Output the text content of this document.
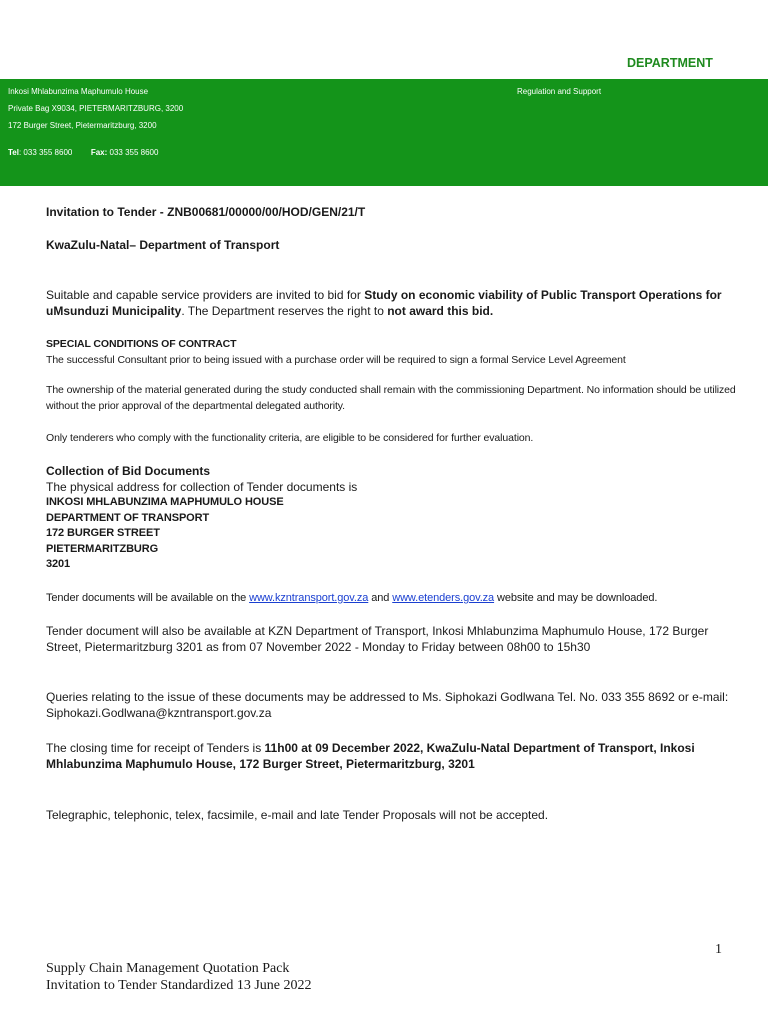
DEPARTMENT
Inkosi Mhlabunzima Maphumulo House
Private Bag X9034, PIETERMARITZBURG, 3200
172 Burger Street, Pietermaritzburg, 3200
Tel: 033 355 8600 Fax: 033 355 8600
Regulation and Support

Invitation to Tender - ZNB00681/00000/00/HOD/GEN/21/T

KwaZulu-Natal– Department of Transport

Suitable and capable service providers are invited to bid for Study on economic viability of Public Transport Operations for uMsunduzi Municipality. The Department reserves the right to not award this bid.

SPECIAL CONDITIONS OF CONTRACT

The successful Consultant prior to being issued with a purchase order will be required to sign a formal Service Level Agreement

The ownership of the material generated during the study conducted shall remain with the commissioning Department. No information should be utilized without the prior approval of the departmental delegated authority.

Only tenderers who comply with the functionality criteria, are eligible to be considered for further evaluation.

Collection of Bid Documents

The physical address for collection of Tender documents is

INKOSI MHLABUNZIMA MAPHUMULO HOUSE

DEPARTMENT OF TRANSPORT

172 BURGER STREET

PIETERMARITZBURG

3201

Tender documents will be available on the www.kzntransport.gov.za and www.etenders.gov.za website and may be downloaded.

Tender document will also be available at KZN Department of Transport, Inkosi Mhlabunzima Maphumulo House, 172 Burger Street, Pietermaritzburg 3201 as from 07 November 2022 - Monday to Friday between 08h00 to 15h30

Queries relating to the issue of these documents may be addressed to Ms. Siphokazi Godlwana Tel. No. 033 355 8692 or e-mail: Siphokazi.Godlwana@kzntransport.gov.za

The closing time for receipt of Tenders is 11h00 at 09 December 2022, KwaZulu-Natal Department of Transport, Inkosi Mhlabunzima Maphumulo House, 172 Burger Street, Pietermaritzburg, 3201

Telegraphic, telephonic, telex, facsimile, e-mail and late Tender Proposals will not be accepted.

1
Supply Chain Management Quotation Pack
Invitation to Tender Standardized 13 June 2022
